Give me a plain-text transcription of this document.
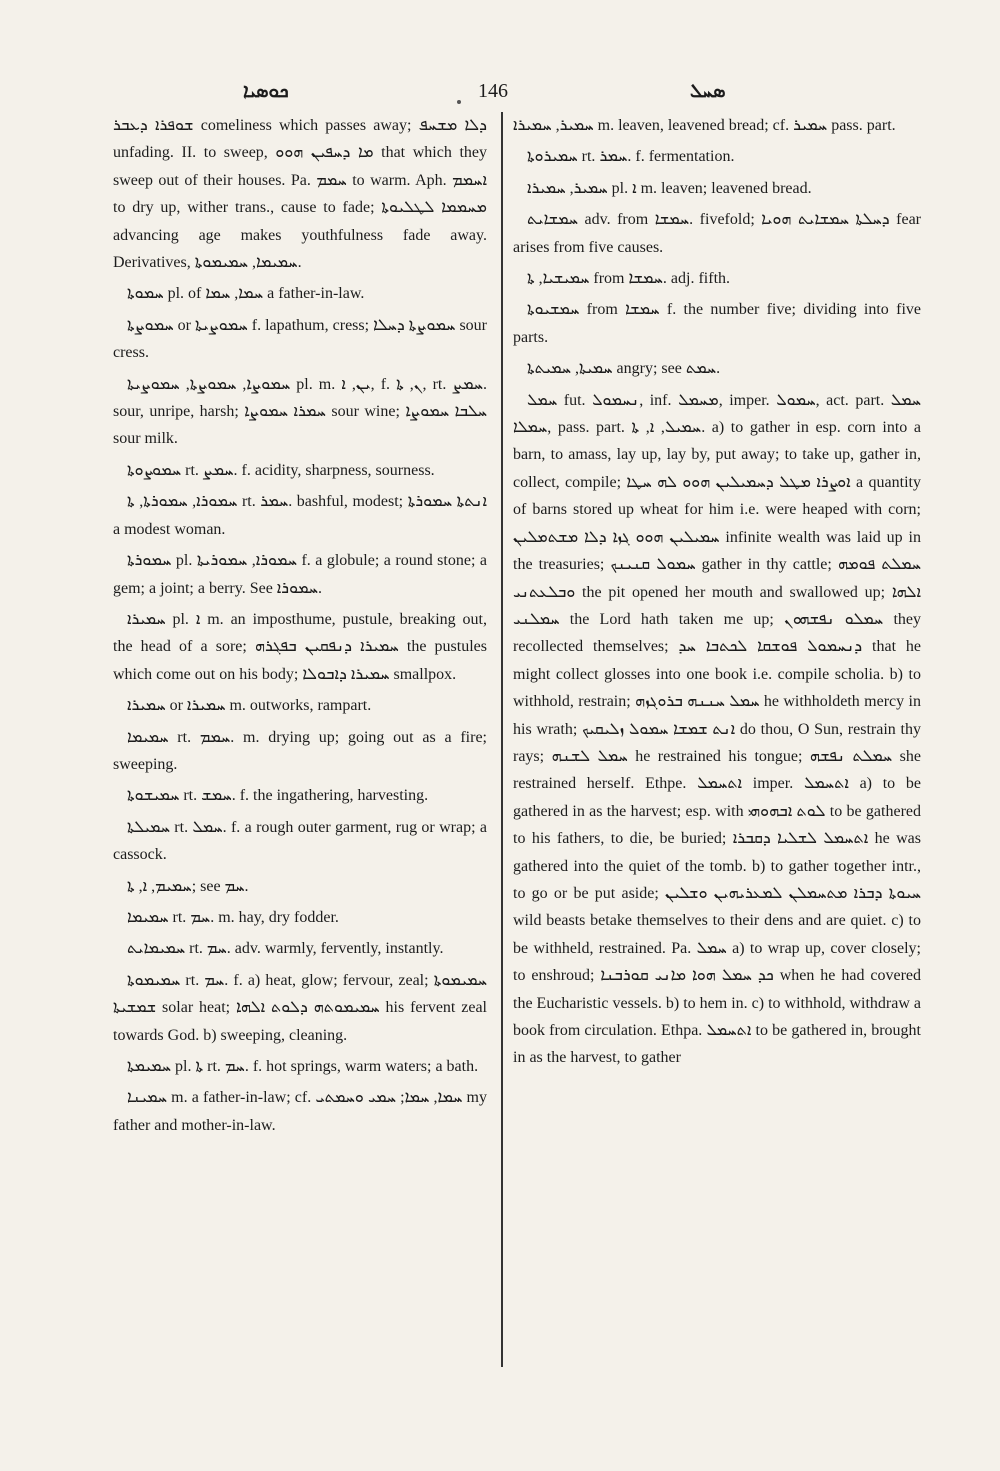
ܟܘܣܝܐ	146	ܣܚܠ

ܫܘܦܪܐ ܕܥܒܪ comeliness which passes away; ܕܠܐ ܡܫܚܦ unfading. II. to sweep, ܡܐ ܕܚܦܝܢ ܗܘܘ that which they sweep out of their houses. Pa. ܚܡܡ to warm. Aph. ܐܚܡܡ to dry up, wither trans., cause to fade; ܡܚܡܡܐ ܠܛܠܝܘܬܐ advancing age makes youthfulness fade away. Derivatives, ܚܡܝܡܐ, ܚܡܝܡܘܬܐ.

ܚܡܘܬܐ pl. of ܚܡܐ, ܚܡܐ a father-in-law.

ܚܡܘܨܬܐ or ܚܡܘܨܝܬܐ f. lapathum, cress; ܚܡܘܨܬܐ ܕܚܠܐ sour cress.

ܚܡܘܨܐ, ܚܡܘܨܬܐ, ܚܡܘܨܝܬܐ pl. m. ܝܢ, ܐ, f. ܢ, ܬܐ, rt. ܚܡܨ. sour, unripe, harsh; ܚܡܪܐ ܚܡܘܨܐ sour wine; ܚܠܒܐ ܚܡܘܨܐ sour milk.

ܚܡܘܨܘܬܐ rt. ܚܡܨ. f. acidity, sharpness, sourness.

ܚܡܘܪܐ, ܚܡܘܪܬܐ, ܬܐ rt. ܚܡܪ. bashful, modest; ܐܢܬܬܐ ܚܡܘܪܬܐ a modest woman.

ܚܡܘܪܬܐ pl. ܚܡܘܪܐ, ܚܡܘܪܝܬܐ f. a globule; a round stone; a gem; a joint; a berry. See ܚܡܘܪܐ.

ܚܡܝܪܐ pl. ܐ m. an imposthume, pustule, breaking out, the head of a sore; ܚܡܝܪܐ ܕܢܦܩܝܢ ܒܦܓܪܗ the pustules which come out on his body; ܚܡܝܪܐ ܕܐܒܘܠܐ smallpox.

ܚܡܝܪܐ or ܚܡܝܪܐ m. outworks, rampart.

ܚܡܝܡܐ rt. ܚܡܡ. m. drying up; going out as a fire; sweeping.

ܚܡܝܫܘܬܐ rt. ܚܡܫ. f. the ingathering, harvesting.

ܚܡܝܠܬܐ rt. ܚܡܠ. f. a rough outer garment, rug or wrap; a cassock.

ܚܡܝܡ, ܐ, ܬܐ; see ܚܡ.

ܚܡܝܡܐ rt. ܚܡ. m. hay, dry fodder.

ܚܡܝܡܐܝܬ rt. ܚܡ. adv. warmly, fervently, instantly.

ܚܡܝܡܘܬܐ rt. ܚܡ. f. a) heat, glow; fervour, zeal; ܚܡܝܡܘܬܐ ܫܡܫܝܬܐ solar heat; ܚܡܝܡܘܬܗ ܕܠܘܬ ܐܠܗܐ his fervent zeal towards God. b) sweeping, cleaning.

ܚܡܝܡܬܐ pl. ܬܐ rt. ܚܡ. f. hot springs, warm waters; a bath.

ܚܡܝܢܐ m. a father-in-law; cf. ܚܡܐ, ܚܡܐ; ܚܡܝ ܘܚܡܬܝ my father and mother-in-law.

ܚܡܝܪ, ܚܡܝܪܐ m. leaven, leavened bread; cf. ܚܡܝܪ pass. part.

ܚܡܝܪܘܬܐ rt. ܚܡܪ. f. fermentation.

ܚܡܝܪ, ܚܡܝܪܐ pl. ܐ m. leaven; leavened bread.

ܚܡܫܐܝܬ adv. from ܚܡܫܐ. fivefold; ܕܚܠܬܐ ܚܡܫܐܝܬ ܗܘܝܐ fear arises from five causes.

ܚܡܝܫܝܐ, ܬܐ from ܚܡܫܐ. adj. fifth.

ܚܡܫܝܘܬܐ from ܚܡܫܐ f. the number five; dividing into five parts.

ܚܡܝܬܐ, ܚܡܝܬܬܐ angry; see ܚܡܬ.

ܚܡܠ fut. ܢܚܡܘܠ, inf. ܡܚܡܠ, imper. ܚܡܘܠ, act. part. ܚܡܠ ܚܡܠܐ, pass. part. ܚܡܝܠ, ܐ, ܬܐ. a) to gather in esp. corn into a barn, to amass, lay up, lay by, put away; to take up, gather in, collect, compile; ܐܘܨܪܐ ܡܛܠ ܕܚܡܝܠܝܢ ܗܘܘ ܠܗ ܚܛܐ a quantity of barns stored up wheat for him i.e. were heaped with corn; ܚܡܝܠܝܢ ܗܘܘ ܓܙܐ ܕܠܐ ܡܫܬܡܠܝܢ infinite wealth was laid up in the treasuries; ܚܡܘܠ ܩܢܝܢܟ gather in thy cattle; ܚܡܠܬ ܦܘܡܗ ܘܒܠܥܬܢܝ the pit opened her mouth and swallowed up; ܐܠܗܐ ܚܡܠܢܝ the Lord hath taken me up; ܚܡܠܘ ܢܦܫܗܘܢ they recollected themselves; ܕܢܚܡܘܠ ܦܘܫܩܐ ܠܟܬܒܐ ܚܕ that he might collect glosses into one book i.e. compile scholia. b) to withhold, restrain; ܚܡܠ ܚܢܢܗ ܒܪܘܓܙܗ he withholdeth mercy in his wrath; ܐܢܬ ܫܡܫܐ ܚܡܘܠ ܙܠܝܩܝܟ do thou, O Sun, restrain thy rays; ܚܡܠ ܠܫܢܗ he restrained his tongue; ܚܡܠܬ ܢܦܫܗ she restrained herself. Ethpe. ܐܬܚܡܠ imper. ܐܬܚܡܠ a) to be gathered in as the harvest; esp. with ܠܘܬ ܐܒܗܘܗܝ to be gathered to his fathers, to die, be buried; ܐܬܚܡܠ ܠܫܠܝܐ ܕܩܒܪܐ he was gathered into the quiet of the tomb. b) to gather together intr., to go or be put aside; ܚܝܘܬܐ ܕܒܪܐ ܡܬܚܡܠܢ ܠܡܥܪܝܗܝܢ ܘܫܠܝܢ wild beasts betake themselves to their dens and are quiet. c) to be withheld, restrained. Pa. ܚܡܠ a) to wrap up, cover closely; to enshroud; ܟܕ ܚܡܠ ܗܘܐ ܡܐܢܝ ܩܘܪܒܢܐ when he had covered the Eucharistic vessels. b) to hem in. c) to withhold, withdraw a book from circulation. Ethpa. ܐܬܚܡܠ to be gathered in, brought in as the harvest, to gather
